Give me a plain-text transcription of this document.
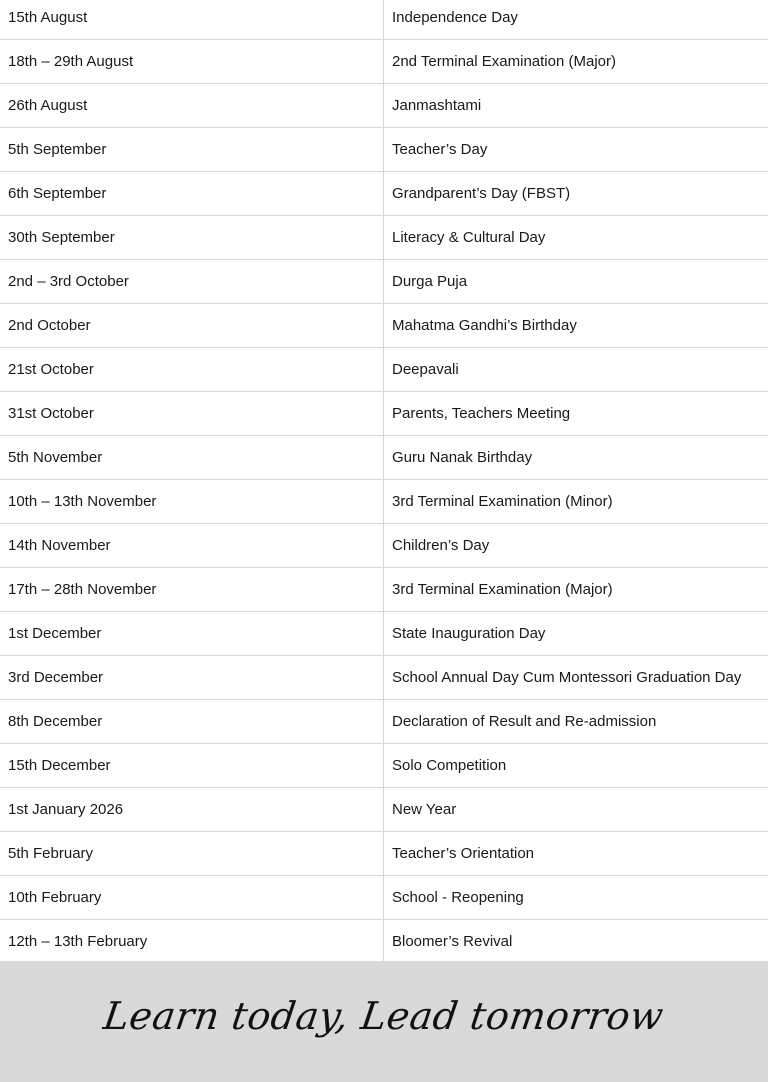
15th August	Independence Day
18th – 29th August	2nd Terminal Examination (Major)
26th August	Janmashtami
5th September	Teacher’s Day
6th September	Grandparent’s Day (FBST)
30th September	Literacy & Cultural Day
2nd – 3rd October	Durga Puja
2nd October	Mahatma Gandhi’s Birthday
21st October	Deepavali
31st October	Parents, Teachers Meeting
5th November	Guru Nanak Birthday
10th – 13th November	3rd Terminal Examination (Minor)
14th November	Children’s Day
17th – 28th November	3rd Terminal Examination (Major)
1st December	State Inauguration Day
3rd December	School Annual Day Cum Montessori Graduation Day
8th December	Declaration of Result and Re-admission
15th December	Solo Competition
1st January 2026	New Year
5th February	Teacher’s Orientation
10th February	School - Reopening
12th – 13th February	Bloomer’s Revival
Learn today, Lead tomorrow
